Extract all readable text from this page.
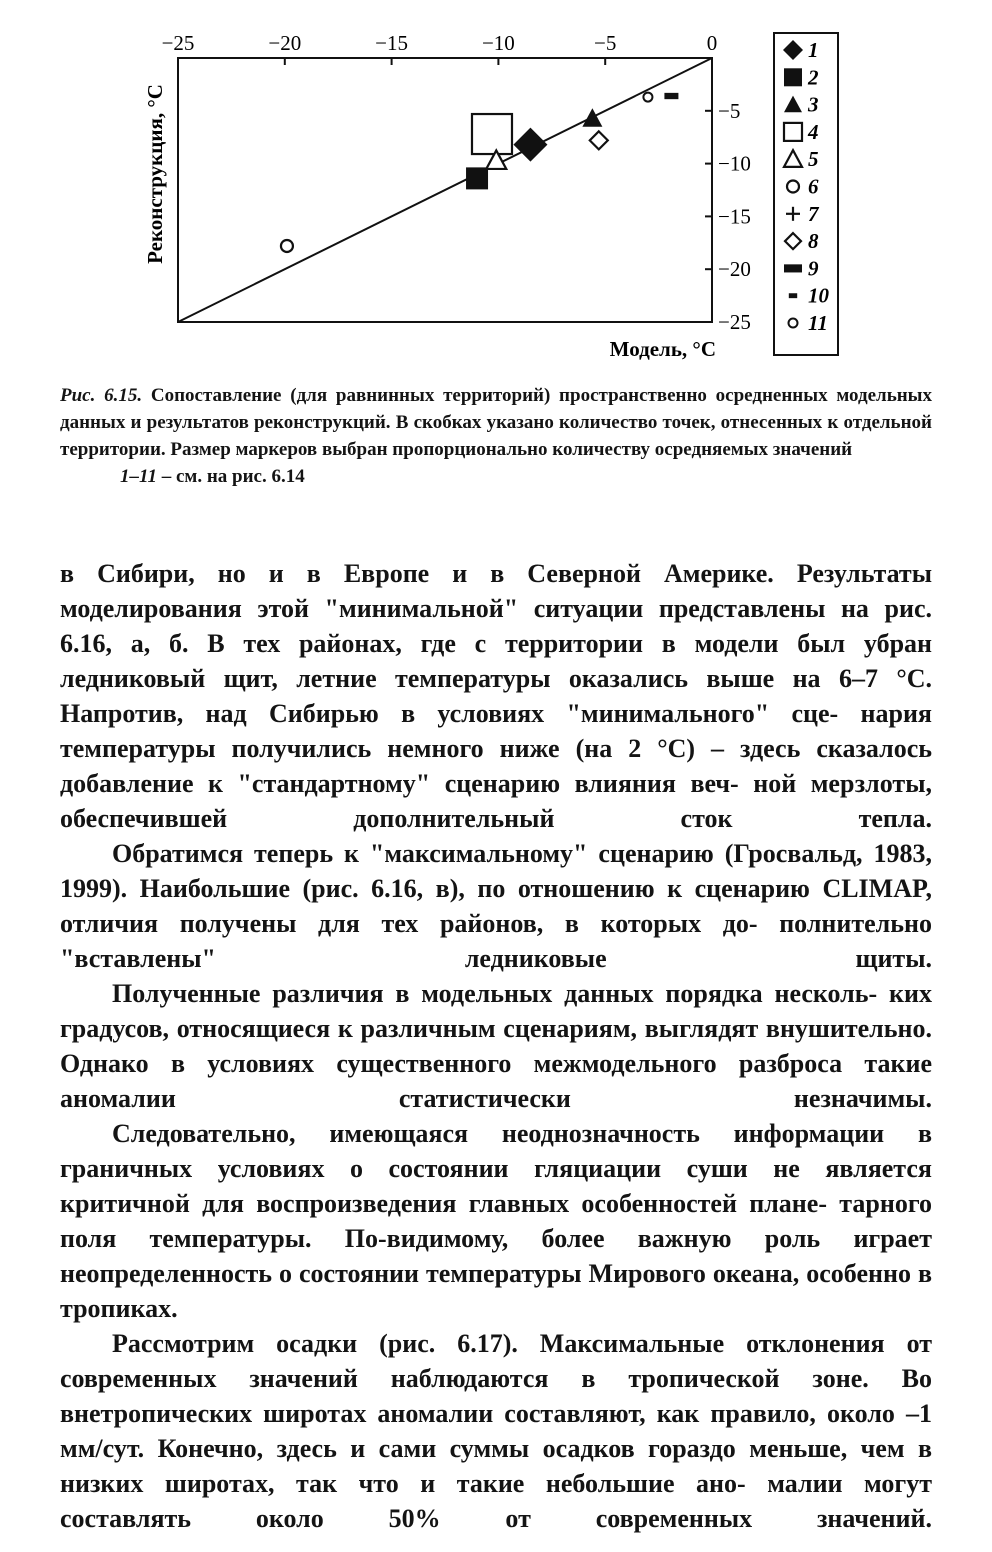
−25	−20	−15	−10	−5	0
−5
−10
−15
−20
−25
Реконструкция, °С
Модель, °С
1
2
3
4
5
6
7
8
9
10
11

Рис. 6.15. Сопоставление (для равнинных территорий) пространственно осредненных модельных данных и результатов реконструкций. В скобках указано количество точек, отнесенных к отдельной территории. Размер маркеров выбран пропорционально количеству осредняемых значений

1–11 – см. на рис. 6.14

в Сибири, но и в Европе и в Северной Америке. Результаты моделирования этой "минимальной" ситуации представлены на рис. 6.16, а, б. В тех районах, где с территории в модели был убран ледниковый щит, летние температуры оказались выше на 6–7 °С. Напротив, над Сибирью в условиях "минимального" сце- нария температуры получились немного ниже (на 2 °С) – здесь сказалось добавление к "стандартному" сценарию влияния веч- ной мерзлоты, обеспечившей дополнительный сток тепла.

Обратимся теперь к "максимальному" сценарию (Гросвальд, 1983, 1999). Наибольшие (рис. 6.16, в), по отношению к сценарию CLIMAP, отличия получены для тех районов, в которых до- полнительно "вставлены" ледниковые щиты.

Полученные различия в модельных данных порядка несколь- ких градусов, относящиеся к различным сценариям, выглядят внушительно. Однако в условиях существенного межмодельного разброса такие аномалии статистически незначимы.

Следовательно, имеющаяся неоднозначность информации в граничных условиях о состоянии гляциации суши не является критичной для воспроизведения главных особенностей плане- тарного поля температуры. По-видимому, более важную роль играет неопределенность о состоянии температуры Мирового океана, особенно в тропиках.

Рассмотрим осадки (рис. 6.17). Максимальные отклонения от современных значений наблюдаются в тропической зоне. Во внетропических широтах аномалии составляют, как правило, около –1 мм/сут. Конечно, здесь и сами суммы осадков гораздо меньше, чем в низких широтах, так что и такие небольшие ано- малии могут составлять около 50% от современных значений.
